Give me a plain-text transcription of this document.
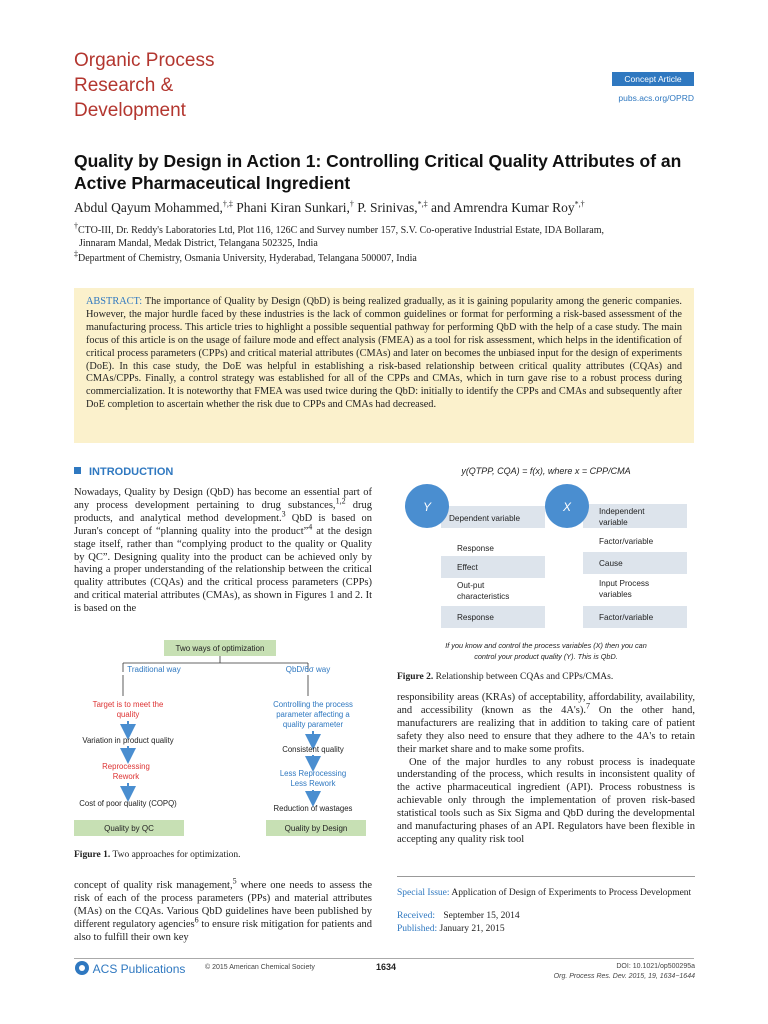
Organic Process
Research &
Development
Concept Article
pubs.acs.org/OPRD
Quality by Design in Action 1: Controlling Critical Quality Attributes of an Active Pharmaceutical Ingredient
Abdul Qayum Mohammed,†,‡ Phani Kiran Sunkari,† P. Srinivas,*,‡ and Amrendra Kumar Roy*,†

†CTO-III, Dr. Reddy's Laboratories Ltd, Plot 116, 126C and Survey number 157, S.V. Co-operative Industrial Estate, IDA Bollaram,
Jinnaram Mandal, Medak District, Telangana 502325, India

‡Department of Chemistry, Osmania University, Hyderabad, Telangana 500007, India

ABSTRACT: The importance of Quality by Design (QbD) is being realized gradually, as it is gaining popularity among the generic companies. However, the major hurdle faced by these industries is the lack of common guidelines or format for performing a risk-based assessment of the manufacturing process. This article tries to highlight a possible sequential pathway for performing QbD with the help of a case study. The main focus of this article is on the usage of failure mode and effect analysis (FMEA) as a tool for risk assessment, which helps in the identification of critical process parameters (CPPs) and critical material attributes (CMAs) and later on becomes the unbiased input for the design of experiments (DoE). In this case study, the DoE was helpful in establishing a risk-based relationship between critical quality attributes (CQAs) and CMAs/CPPs. Finally, a control strategy was established for all of the CPPs and CMAs, which in turn gave rise to a robust process during commercialization. It is noteworthy that FMEA was used twice during the QbD: initially to identify the CPPs and CMAs and subsequently after DoE completion to ascertain whether the risk due to CPPs and CMAs had decreased.
INTRODUCTION
Nowadays, Quality by Design (QbD) has become an essential part of any process development pertaining to drug substances,$^{1,2}$ drug products, and analytical method development.$^3$ QbD is based on Juran's concept of “planning quality into the product”$^4$ at the design stage itself, rather than “complying product to the quality or Quality by QC”. Designing quality into the product can be achieved only by having a proper understanding of the relationship between the critical quality attributes (CQAs) and the critical process parameters (CPPs) and critical material attributes (CMAs), as shown in Figures 1 and 2. It is based on the
Two ways of optimization
Traditional way	QbD/6σ way
Target is to meet the
quality
Variation in product quality
Reprocessing
Rework
Cost of poor quality (COPQ)
Controlling the process
parameter affecting a
quality parameter
Consistent quality
Less Reprocessing
Less Rework
Reduction of wastages
Quality by QC	Quality by Design
Figure 1. Two approaches for optimization.
concept of quality risk management,$^5$ where one needs to assess the risk of each of the process parameters (PPs) and material attributes (MAs) on the CQAs. Various QbD guidelines have been published by different regulatory agencies$^6$ to ensure risk mitigation for patients and also to fulfill their own key
y(QTPP, CQA) = f(x), where x = CPP/CMA
Dependent variable
Response
Effect
Out-put
characteristics
Response
Independent
variable
Factor/variable
Cause
Input Process
variables
Factor/variable
Y	X
If you know and control the process variables (X) then you can
control your product quality (Y). This is QbD.
Figure 2. Relationship between CQAs and CPPs/CMAs.

responsibility areas (KRAs) of acceptability, affordability, availability, and accessibility (known as the 4A's).$^7$ On the other hand, manufacturers are realizing that in addition to taking care of patient safety they also need to ensure that they adhere to the 4A's to retain their market share and to make some profits.

One of the major hurdles to any robust process is inadequate understanding of the process, which results in inconsistent quality of the active pharmaceutical ingredient (API). Process robustness is achievable only through the implementation of proven risk-based statistical tools such as Six Sigma and QbD during the developmental and manufacturing phases of an API. Regulators have been flexible in accepting any quality risk tool

Special Issue: Application of Design of Experiments to Process Development
Received: September 15, 2014
Published: January 21, 2015
ACS Publications	© 2015 American Chemical Society	1634	DOI: 10.1021/op500295a
Org. Process Res. Dev. 2015, 19, 1634−1644
